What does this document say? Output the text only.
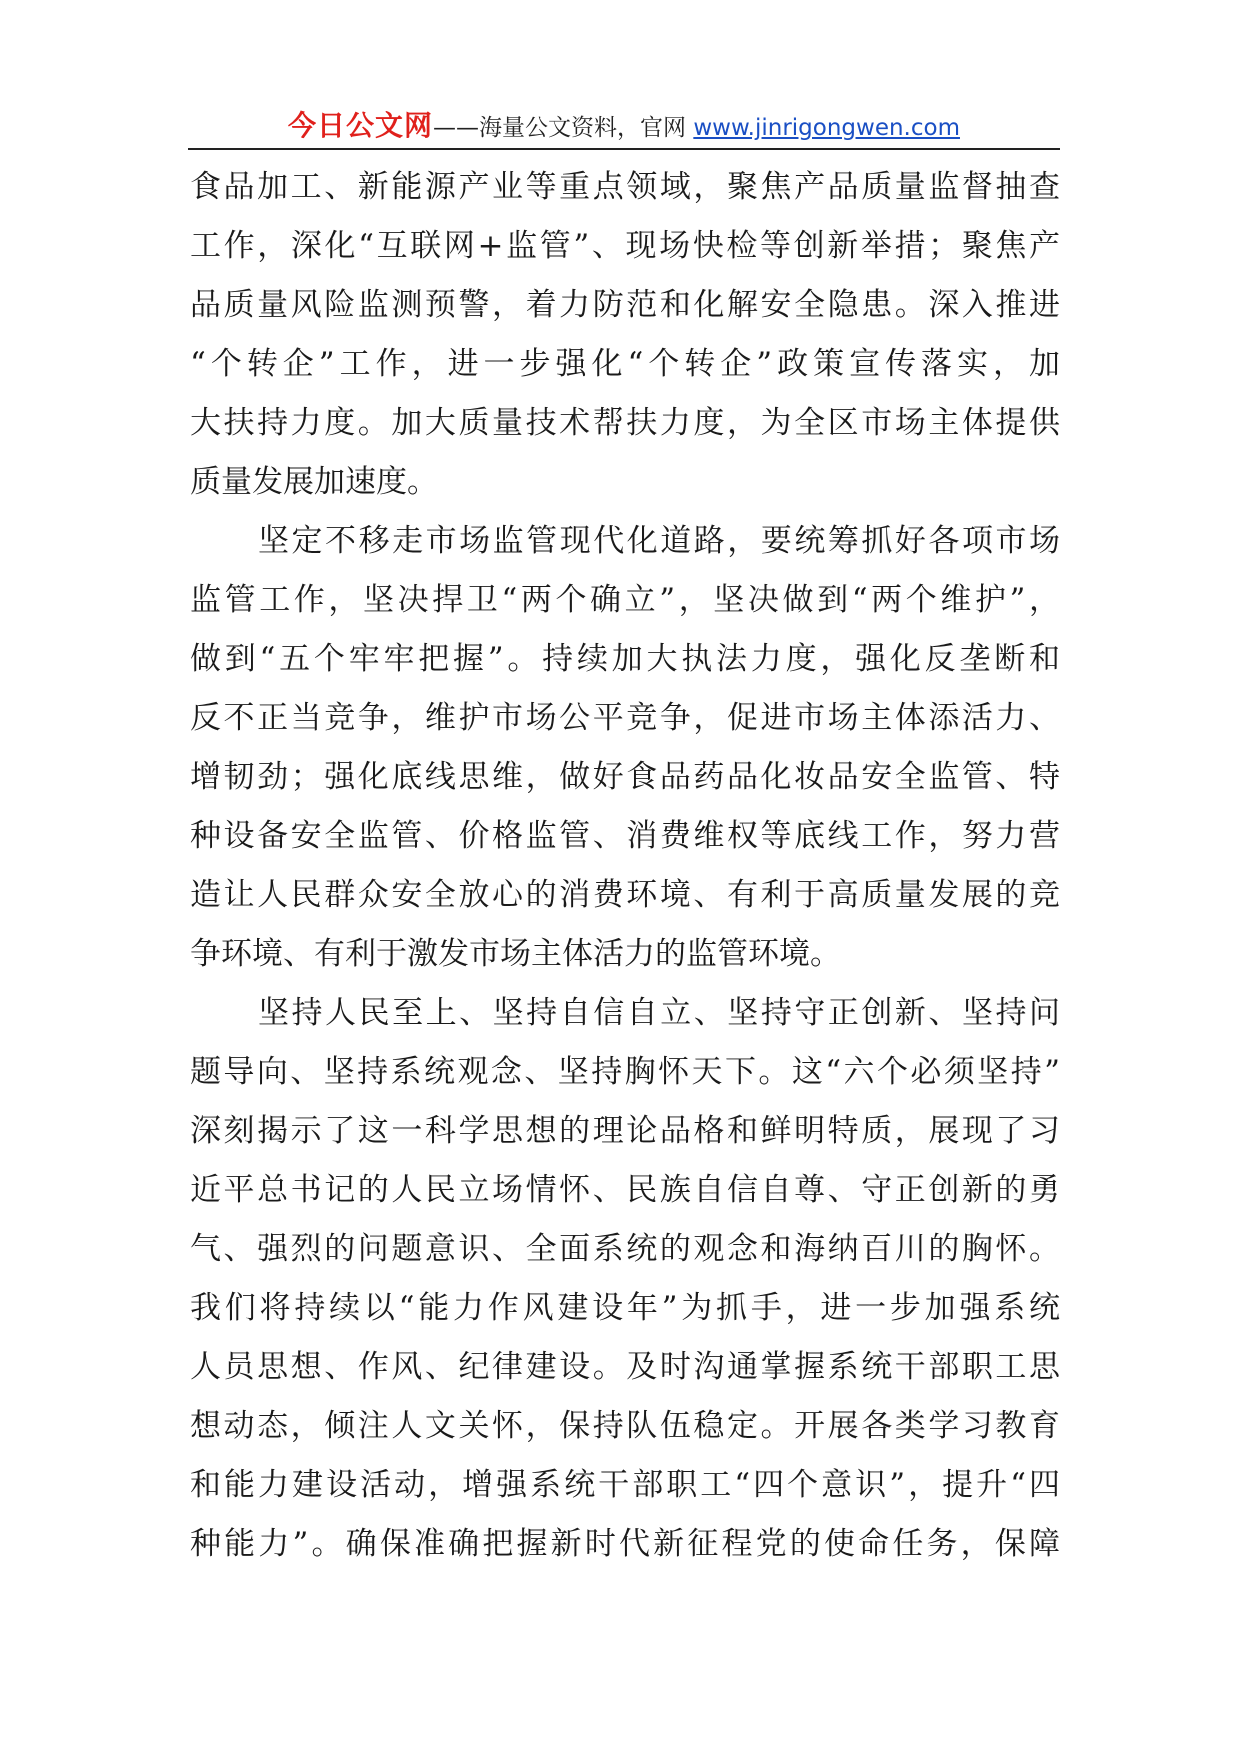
今日公文网——海量公文资料，官网 www.jinrigongwen.com
食品加工、新能源产业等重点领域，聚焦产品质量监督抽查
工作，深化“互联网+监管”、现场快检等创新举措；聚焦产
品质量风险监测预警，着力防范和化解安全隐患。深入推进
“个转企”工作，进一步强化“个转企”政策宣传落实，加
大扶持力度。加大质量技术帮扶力度，为全区市场主体提供
质量发展加速度。
坚定不移走市场监管现代化道路，要统筹抓好各项市场
监管工作，坚决捍卫“两个确立”，坚决做到“两个维护”，
做到“五个牢牢把握”。持续加大执法力度，强化反垄断和
反不正当竞争，维护市场公平竞争，促进市场主体添活力、
增韧劲；强化底线思维，做好食品药品化妆品安全监管、特
种设备安全监管、价格监管、消费维权等底线工作，努力营
造让人民群众安全放心的消费环境、有利于高质量发展的竞
争环境、有利于激发市场主体活力的监管环境。
坚持人民至上、坚持自信自立、坚持守正创新、坚持问
题导向、坚持系统观念、坚持胸怀天下。这“六个必须坚持”
深刻揭示了这一科学思想的理论品格和鲜明特质，展现了习
近平总书记的人民立场情怀、民族自信自尊、守正创新的勇
气、强烈的问题意识、全面系统的观念和海纳百川的胸怀。
我们将持续以“能力作风建设年”为抓手，进一步加强系统
人员思想、作风、纪律建设。及时沟通掌握系统干部职工思
想动态，倾注人文关怀，保持队伍稳定。开展各类学习教育
和能力建设活动，增强系统干部职工“四个意识”，提升“四
种能力”。确保准确把握新时代新征程党的使命任务，保障
